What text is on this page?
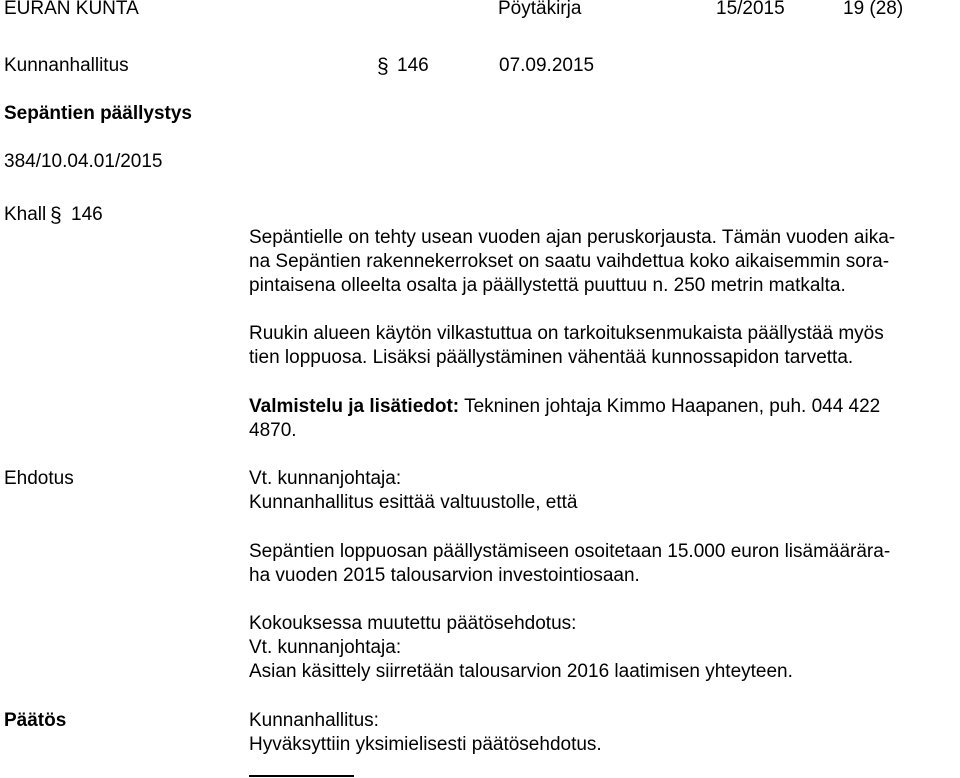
EURAN KUNTA	Pöytäkirja	15/2015	19 (28)
Kunnanhallitus	§ 146	07.09.2015
Sepäntien päällystys
384/10.04.01/2015
Khall § 146
Sepäntielle on tehty usean vuoden ajan peruskorjausta. Tämän vuoden aika-
na Sepäntien rakennekerrokset on saatu vaihdettua koko aikaisemmin sora-
pintaisena olleelta osalta ja päällystettä puuttuu n. 250 metrin matkalta.
Ruukin alueen käytön vilkastuttua on tarkoituksenmukaista päällystää myös
tien loppuosa. Lisäksi päällystäminen vähentää kunnossapidon tarvetta.
Valmistelu ja lisätiedot: Tekninen johtaja Kimmo Haapanen, puh. 044 422
4870.
Ehdotus	Vt. kunnanjohtaja:
Kunnanhallitus esittää valtuustolle, että
Sepäntien loppuosan päällystämiseen osoitetaan 15.000 euron lisämäärära-
ha vuoden 2015 talousarvion investointiosaan.
Kokouksessa muutettu päätösehdotus:
Vt. kunnanjohtaja:
Asian käsittely siirretään talousarvion 2016 laatimisen yhteyteen.
Päätös	Kunnanhallitus:
Hyväksyttiin yksimielisesti päätösehdotus.
